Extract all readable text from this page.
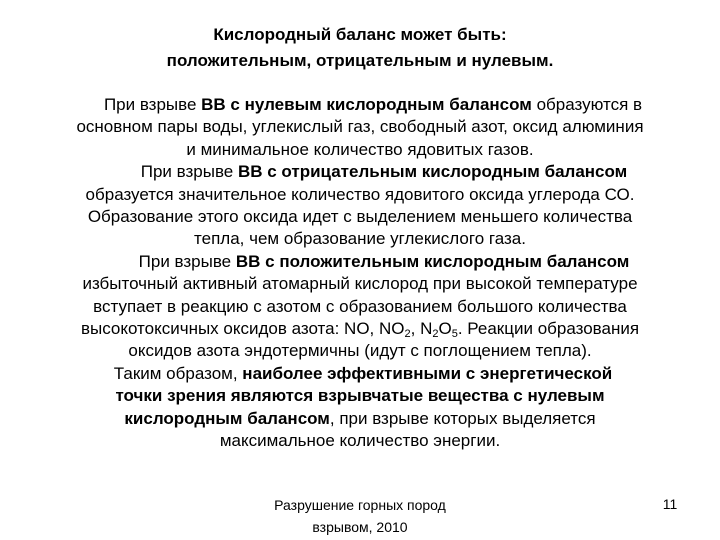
Кислородный баланс может быть:
положительным, отрицательным и нулевым.
При взрыве ВВ с нулевым кислородным балансом образуются в
основном пары воды, углекислый газ, свободный азот, оксид алюминия
и минимальное количество ядовитых газов.
При взрыве ВВ с отрицательным кислородным балансом
образуется значительное количество ядовитого оксида углерода СО.
Образование этого оксида идет с выделением меньшего количества
тепла, чем образование углекислого газа.
При взрыве ВВ с положительным кислородным балансом
избыточный активный атомарный кислород при высокой температуре
вступает в реакцию с азотом с образованием большого количества
высокотоксичных оксидов азота: NO, $NO_2$, $N_2O_5$. Реакции образования
оксидов азота эндотермичны (идут с поглощением тепла).
Таким образом, наиболее эффективными с энергетической
точки зрения являются взрывчатые вещества с нулевым
кислородным балансом, при взрыве которых выделяется
максимальное количество энергии.
Разрушение горных пород
взрывом, 2010
11
